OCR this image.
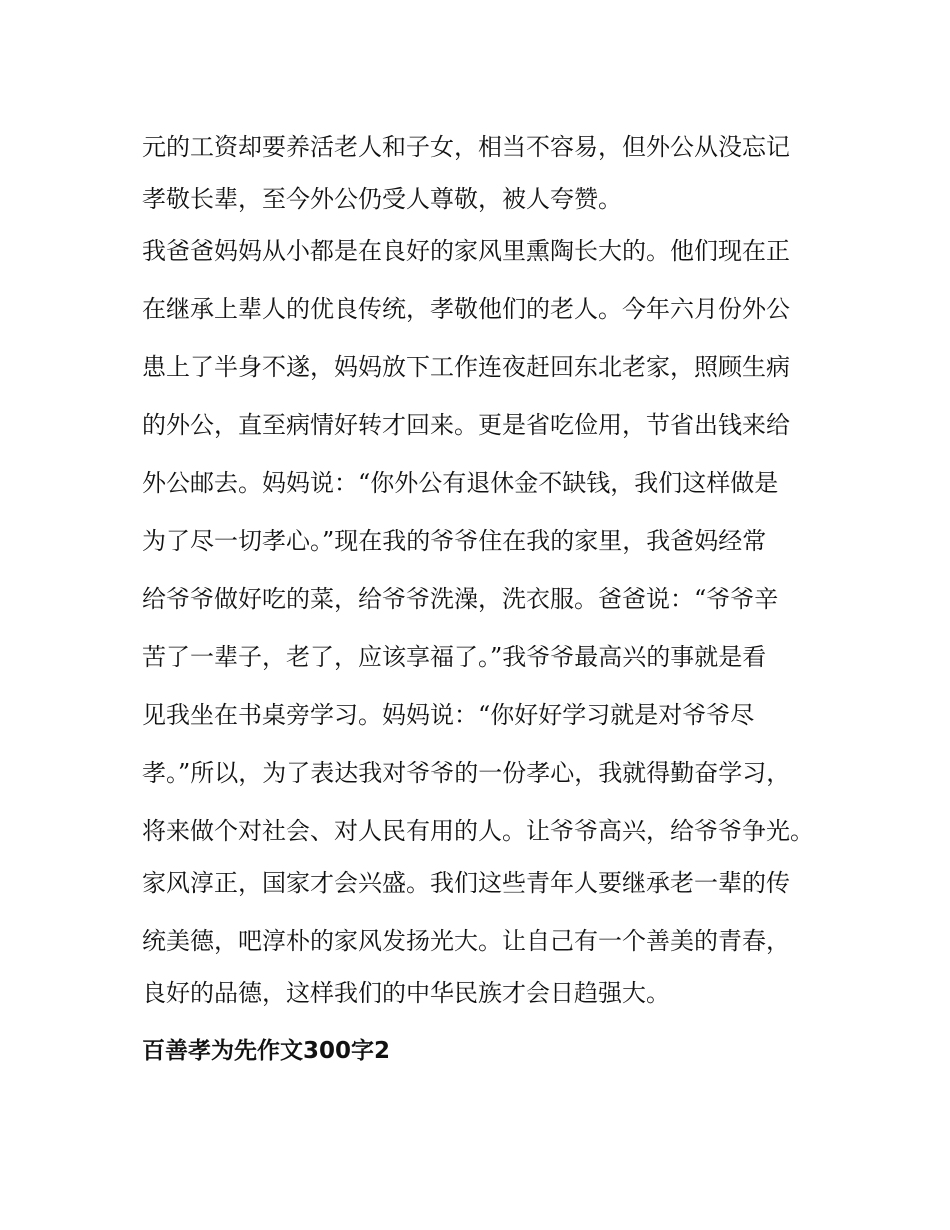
元的工资却要养活老人和子女，相当不容易，但外公从没忘记
孝敬长辈，至今外公仍受人尊敬，被人夸赞。
我爸爸妈妈从小都是在良好的家风里熏陶长大的。他们现在正
在继承上辈人的优良传统，孝敬他们的老人。今年六月份外公
患上了半身不遂，妈妈放下工作连夜赶回东北老家，照顾生病
的外公，直至病情好转才回来。更是省吃俭用，节省出钱来给
外公邮去。妈妈说：“你外公有退休金不缺钱，我们这样做是
为了尽一切孝心。”现在我的爷爷住在我的家里，我爸妈经常
给爷爷做好吃的菜，给爷爷洗澡，洗衣服。爸爸说：“爷爷辛
苦了一辈子，老了，应该享福了。”我爷爷最高兴的事就是看
见我坐在书桌旁学习。妈妈说：“你好好学习就是对爷爷尽
孝。”所以，为了表达我对爷爷的一份孝心，我就得勤奋学习，
将来做个对社会、对人民有用的人。让爷爷高兴，给爷爷争光。
家风淳正，国家才会兴盛。我们这些青年人要继承老一辈的传
统美德，吧淳朴的家风发扬光大。让自己有一个善美的青春，
良好的品德，这样我们的中华民族才会日趋强大。
百善孝为先作文300字2
